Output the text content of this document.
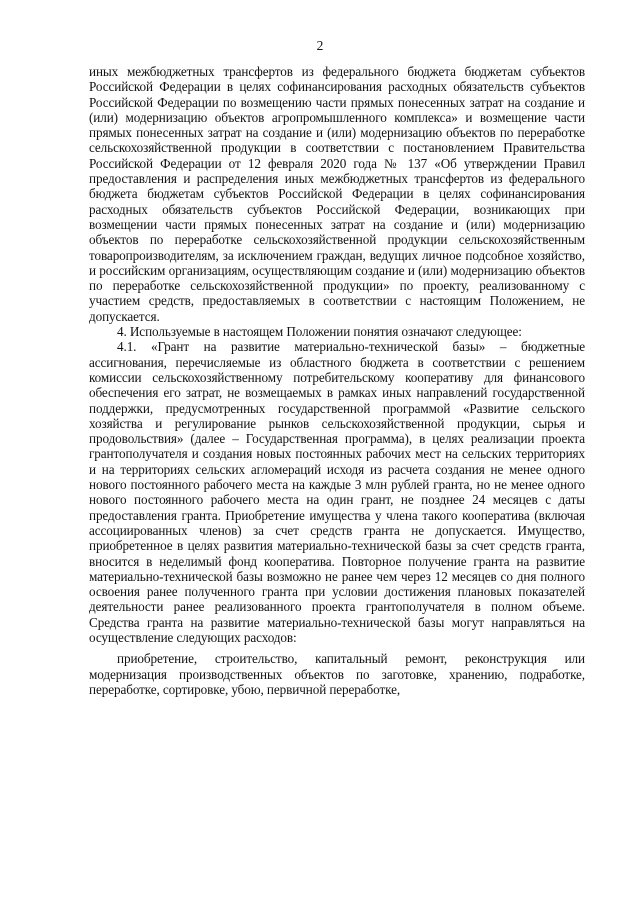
2

иных межбюджетных трансфертов из федерального бюджета бюджетам субъектов Российской Федерации в целях софинансирования расходных обязательств субъектов Российской Федерации по возмещению части прямых понесенных затрат на создание и (или) модернизацию объектов агропромышленного комплекса» и возмещение части прямых понесенных затрат на создание и (или) модернизацию объектов по переработке сельскохозяйственной продукции в соответствии с постановлением Правительства Российской Федерации от 12 февраля 2020 года № 137 «Об утверждении Правил предоставления и распределения иных межбюджетных трансфертов из федерального бюджета бюджетам субъектов Российской Федерации в целях софинансирования расходных обязательств субъектов Российской Федерации, возникающих при возмещении части прямых понесенных затрат на создание и (или) модернизацию объектов по переработке сельскохозяйственной продукции сельскохозяйственным товаропроизводителям, за исключением граждан, ведущих личное подсобное хозяйство, и российским организациям, осуществляющим создание и (или) модернизацию объектов по переработке сельскохозяйственной продукции» по проекту, реализованному с участием средств, предоставляемых в соответствии с настоящим Положением, не допускается.

4. Используемые в настоящем Положении понятия означают следующее:

4.1. «Грант на развитие материально-технической базы» – бюджетные ассигнования, перечисляемые из областного бюджета в соответствии с решением комиссии сельскохозяйственному потребительскому кооперативу для финансового обеспечения его затрат, не возмещаемых в рамках иных направлений государственной поддержки, предусмотренных государственной программой «Развитие сельского хозяйства и регулирование рынков сельскохозяйственной продукции, сырья и продовольствия» (далее – Государственная программа), в целях реализации проекта грантополучателя и создания новых постоянных рабочих мест на сельских территориях и на территориях сельских агломераций исходя из расчета создания не менее одного нового постоянного рабочего места на каждые 3 млн рублей гранта, но не менее одного нового постоянного рабочего места на один грант, не позднее 24 месяцев с даты предоставления гранта. Приобретение имущества у члена такого кооператива (включая ассоциированных членов) за счет средств гранта не допускается. Имущество, приобретенное в целях развития материально-технической базы за счет средств гранта, вносится в неделимый фонд кооператива. Повторное получение гранта на развитие материально-технической базы возможно не ранее чем через 12 месяцев со дня полного освоения ранее полученного гранта при условии достижения плановых показателей деятельности ранее реализованного проекта грантополучателя в полном объеме. Средства гранта на развитие материально-технической базы могут направляться на осуществление следующих расходов:

приобретение, строительство, капитальный ремонт, реконструкция или модернизация производственных объектов по заготовке, хранению, подработке, переработке, сортировке, убою, первичной переработке,
